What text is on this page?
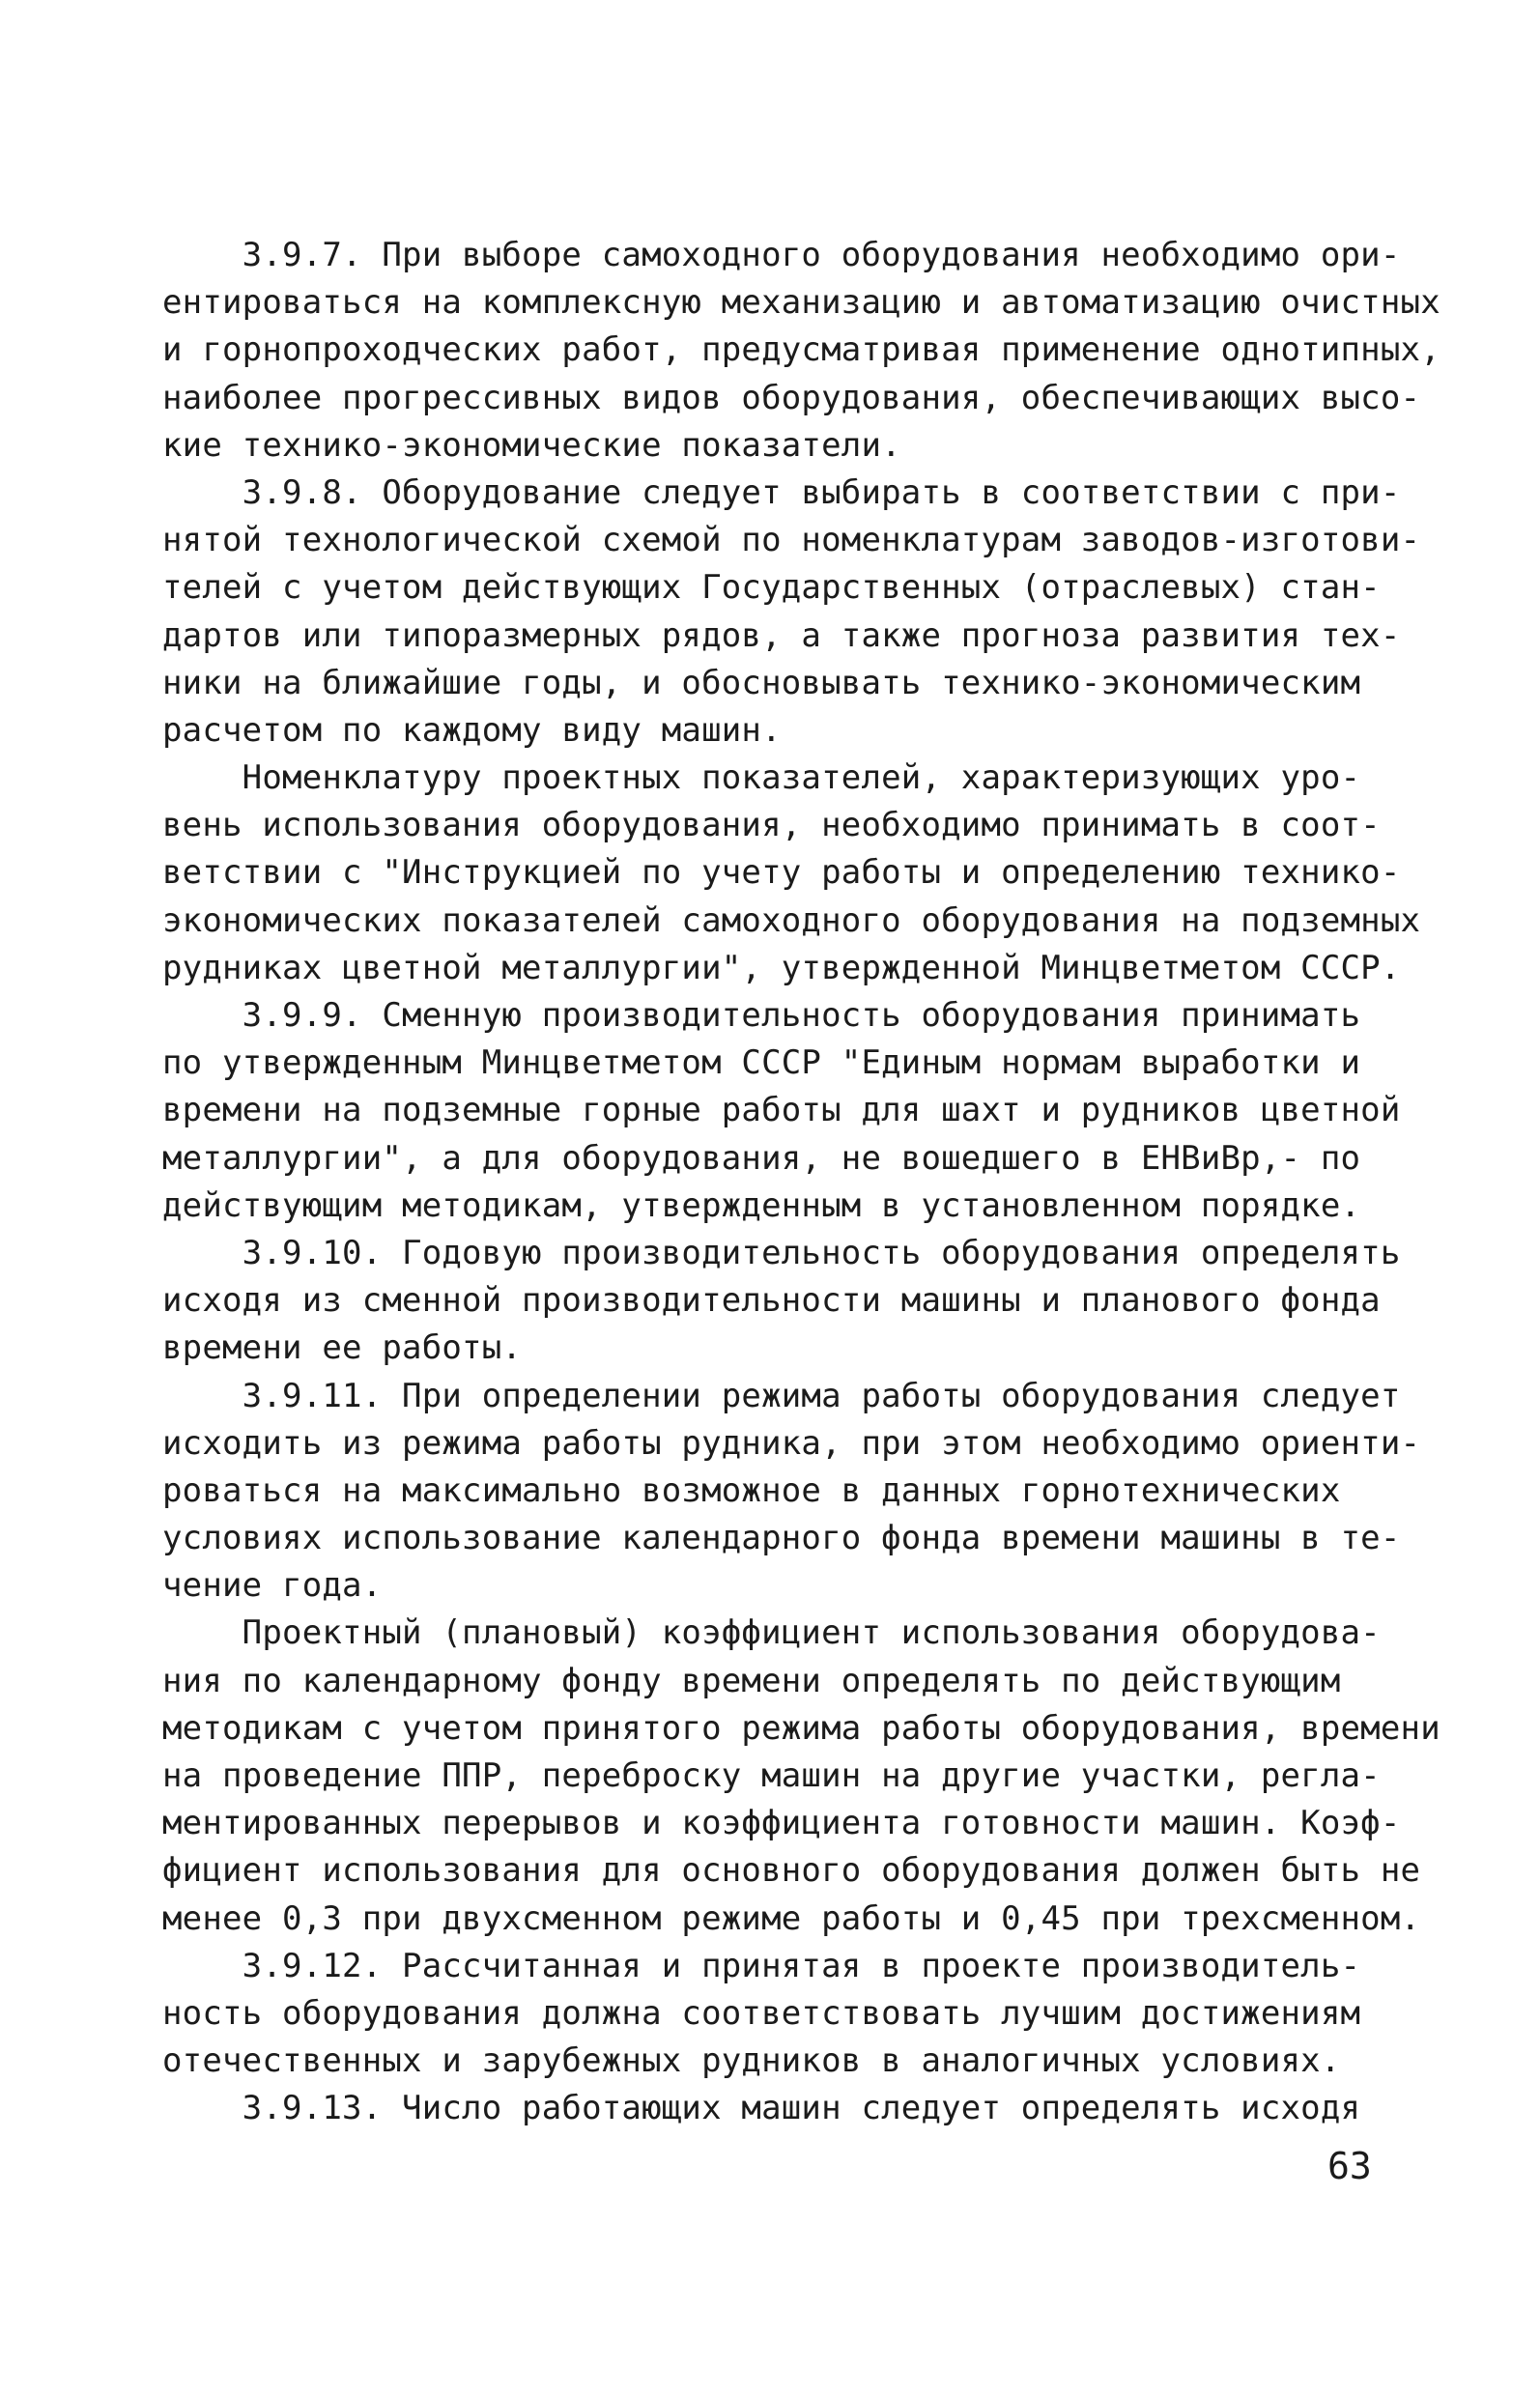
3.9.7. При выборе самоходного оборудования необходимо ори-
ентироваться на комплексную механизацию и автоматизацию очистных
и горнопроходческих работ, предусматривая применение однотипных,
наиболее прогрессивных видов оборудования, обеспечивающих высо-
кие технико-экономические показатели.
3.9.8. Оборудование следует выбирать в соответствии с при-
нятой технологической схемой по номенклатурам заводов-изготови-
телей с учетом действующих Государственных (отраслевых) стан-
дартов или типоразмерных рядов, а также прогноза развития тех-
ники на ближайшие годы, и обосновывать технико-экономическим
расчетом по каждому виду машин.
Номенклатуру проектных показателей, характеризующих уро-
вень использования оборудования, необходимо принимать в соот-
ветствии с "Инструкцией по учету работы и определению технико-
экономических показателей самоходного оборудования на подземных
рудниках цветной металлургии", утвержденной Минцветметом СССР.
3.9.9. Сменную производительность оборудования принимать
по утвержденным Минцветметом СССР "Единым нормам выработки и
времени на подземные горные работы для шахт и рудников цветной
металлургии", а для оборудования, не вошедшего в ЕНВиВр,- по
действующим методикам, утвержденным в установленном порядке.
3.9.10. Годовую производительность оборудования определять
исходя из сменной производительности машины и планового фонда
времени ее работы.
3.9.11. При определении режима работы оборудования следует
исходить из режима работы рудника, при этом необходимо ориенти-
роваться на максимально возможное в данных горнотехнических
условиях использование календарного фонда времени машины в те-
чение года.
Проектный (плановый) коэффициент использования оборудова-
ния по календарному фонду времени определять по действующим
методикам с учетом принятого режима работы оборудования, времени
на проведение ППР, переброску машин на другие участки, регла-
ментированных перерывов и коэффициента готовности машин. Коэф-
фициент использования для основного оборудования должен быть не
менее 0,3 при двухсменном режиме работы и 0,45 при трехсменном.
3.9.12. Рассчитанная и принятая в проекте производитель-
ность оборудования должна соответствовать лучшим достижениям
отечественных и зарубежных рудников в аналогичных условиях.
3.9.13. Число работающих машин следует определять исходя
63
